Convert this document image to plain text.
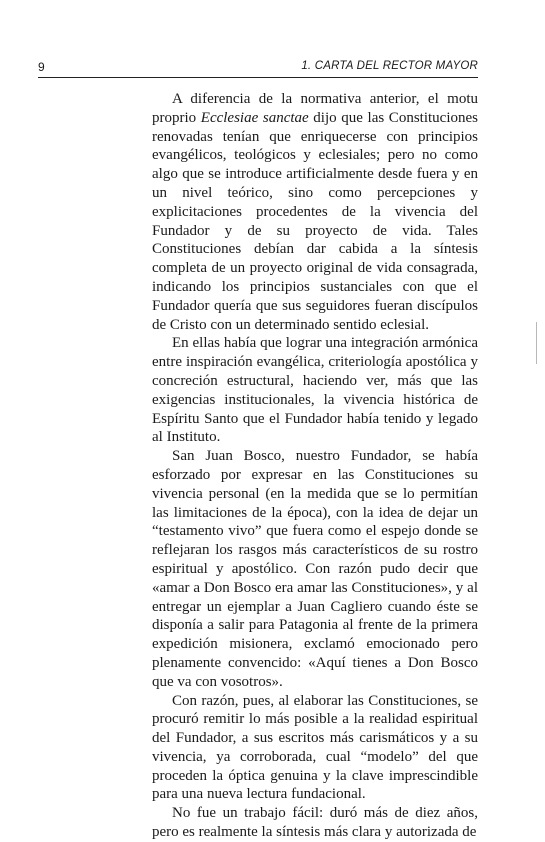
9	1. CARTA DEL RECTOR MAYOR

A diferencia de la normativa anterior, el motu proprio Ecclesiae sanctae dijo que las Constituciones renovadas tenían que enriquecerse con principios evangélicos, teológicos y eclesiales; pero no como algo que se introduce artificialmente desde fuera y en un nivel teórico, sino como percepciones y explicitaciones procedentes de la vivencia del Fundador y de su proyecto de vida. Tales Constituciones debían dar cabida a la síntesis completa de un proyecto original de vida consagrada, indicando los principios sustanciales con que el Fundador quería que sus seguidores fueran discípulos de Cristo con un determinado sentido eclesial.

En ellas había que lograr una integración armónica entre inspiración evangélica, criteriología apostólica y concreción estructural, haciendo ver, más que las exigencias institucionales, la vivencia histórica de Espíritu Santo que el Fundador había tenido y legado al Instituto.

San Juan Bosco, nuestro Fundador, se había esforzado por expresar en las Constituciones su vivencia personal (en la medida que se lo permitían las limitaciones de la época), con la idea de dejar un “testamento vivo” que fuera como el espejo donde se reflejaran los rasgos más característicos de su rostro espiritual y apostólico. Con razón pudo decir que «amar a Don Bosco era amar las Constituciones», y al entregar un ejemplar a Juan Cagliero cuando éste se disponía a salir para Patagonia al frente de la primera expedición misionera, exclamó emocionado pero plenamente convencido: «Aquí tienes a Don Bosco que va con vosotros».

Con razón, pues, al elaborar las Constituciones, se procuró remitir lo más posible a la realidad espiritual del Fundador, a sus escritos más carismáticos y a su vivencia, ya corroborada, cual “modelo” del que proceden la óptica genuina y la clave imprescindible para una nueva lectura fundacional.

No fue un trabajo fácil: duró más de diez años, pero es realmente la síntesis más clara y autorizada de
